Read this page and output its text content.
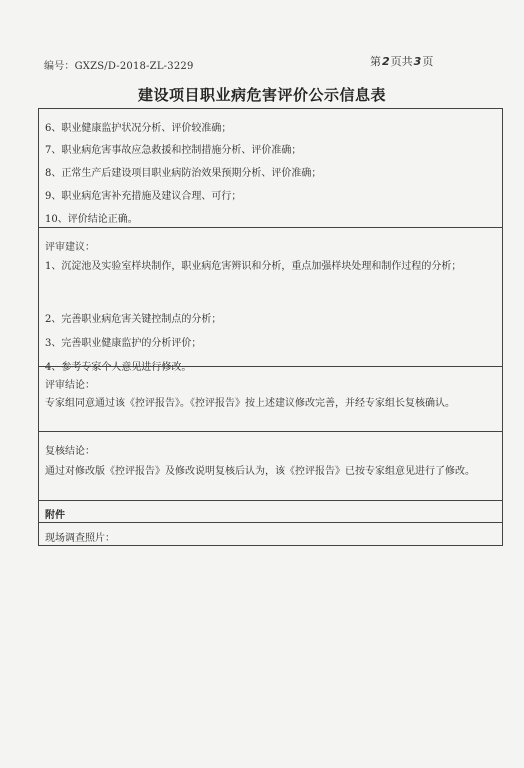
编号：GXZS/D-2018-ZL-3229	第2页共3页
建设项目职业病危害评价公示信息表
6、职业健康监护状况分析、评价较准确；
7、职业病危害事故应急救援和控制措施分析、评价准确；
8、正常生产后建设项目职业病防治效果预期分析、评价准确；
9、职业病危害补充措施及建议合理、可行；
10、评价结论正确。
评审建议：
1、沉淀池及实验室样块制作，职业病危害辨识和分析，重点加强样块处理和制作过程的分析；
2、完善职业病危害关键控制点的分析；
3、完善职业健康监护的分析评价；
4、参考专家个人意见进行修改。
评审结论：
专家组同意通过该《控评报告》。《控评报告》按上述建议修改完善，并经专家组长复核确认。
复核结论：
通过对修改版《控评报告》及修改说明复核后认为，该《控评报告》已按专家组意见进行了修改。
附件
现场调查照片：
